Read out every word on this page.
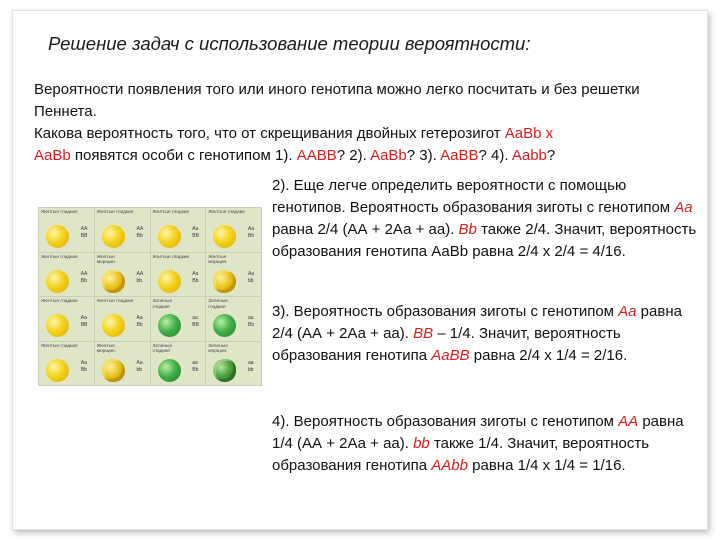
Решение задач с использование теории вероятности:

Вероятности появления того или иного генотипа можно легко посчитать и без решетки Пеннета.

Какова вероятность того, что от скрещивания двойных гетерозигот AaBb x
AaBb появятся особи с генотипом 1). AABB? 2). AaBb? 3). AaBB? 4). Aabb?

Желтые гладкие
AA BB
Желтые гладкие
AA Bb
Желтые гладкие
Aa BB
Желтые гладкие
Aa Bb
Желтые гладкие
AA Bb
Желтые морщин.
AA bb
Желтые гладкие
Aa Bb
Желтые морщин.
Aa bb
Желтые гладкие
Aa BB
Желтые гладкие
Aa Bb
Зеленые гладкие
aa BB
Зеленые гладкие
aa Bb
Желтые гладкие
Aa Bb
Желтые морщин.
Aa bb
Зеленые гладкие
aa Bb
Зеленые морщин.
aa bb

2). Еще легче определить вероятности с помощью генотипов. Вероятность образования зиготы с генотипом Aa равна 2/4 (АА + 2Аа + аа). Bb также 2/4. Значит, вероятность образования генотипа АаВb равна 2/4 х 2/4 = 4/16.

3). Вероятность образования зиготы с генотипом Aa равна 2/4 (АА + 2Аа + аа). BB – 1/4. Значит, вероятность образования генотипа AaBB равна 2/4 х 1/4 = 2/16.

4). Вероятность образования зиготы с генотипом AA равна 1/4 (АА + 2Аа + аа). bb также 1/4. Значит, вероятность образования генотипа AAbb равна 1/4 х 1/4 = 1/16.
